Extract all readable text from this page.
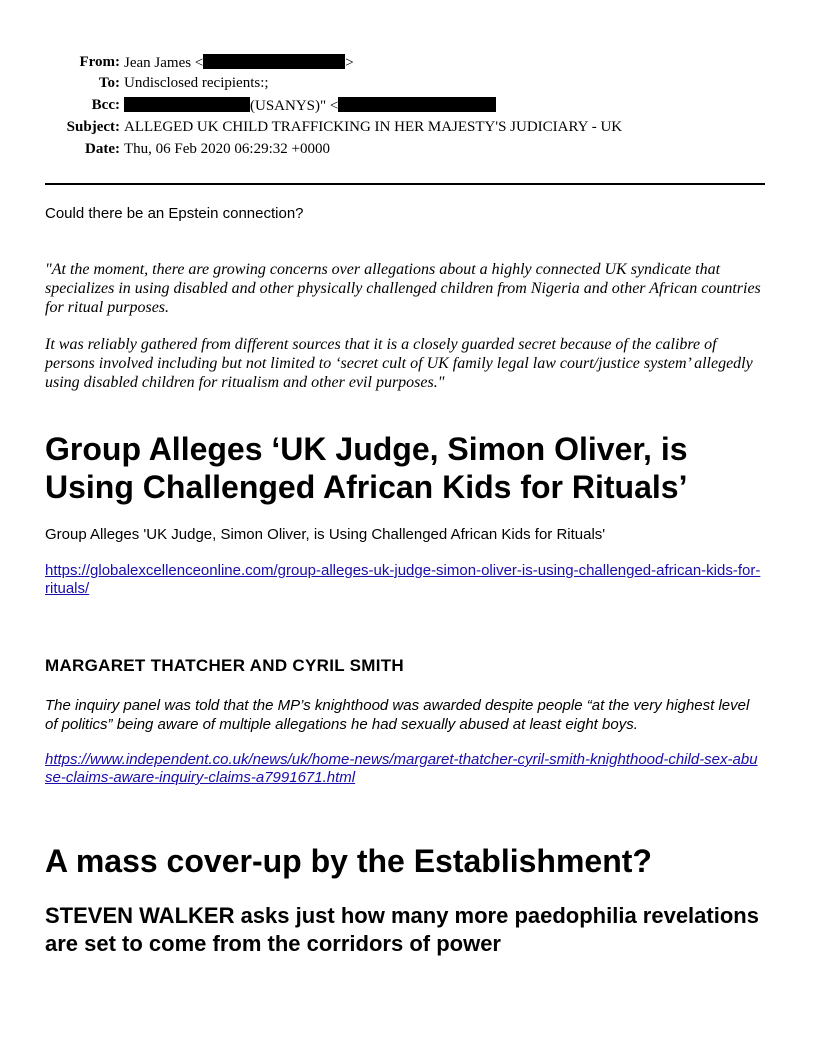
From: Jean James <	>
To: Undisclosed recipients:;
Bcc:	(USANYS)" <
Subject: ALLEGED UK CHILD TRAFFICKING IN HER MAJESTY'S JUDICIARY - UK
Date: Thu, 06 Feb 2020 06:29:32 +0000
Could there be an Epstein connection?

"At the moment, there are growing concerns over allegations about a highly connected UK syndicate that specializes in using disabled and other physically challenged children from Nigeria and other African countries for ritual purposes.

It was reliably gathered from different sources that it is a closely guarded secret because of the calibre of persons involved including but not limited to ‘secret cult of UK family legal law court/justice system’ allegedly using disabled children for ritualism and other evil purposes."

Group Alleges ‘UK Judge, Simon Oliver, is Using Challenged African Kids for Rituals’
Group Alleges 'UK Judge, Simon Oliver, is Using Challenged African Kids for Rituals'
https://globalexcellenceonline.com/group-alleges-uk-judge-simon-oliver-is-using-challenged-african-kids-for-rituals/
MARGARET THATCHER AND CYRIL SMITH

The inquiry panel was told that the MP’s knighthood was awarded despite people “at the very highest level of politics” being aware of multiple allegations he had sexually abused at least eight boys.

https://www.independent.co.uk/news/uk/home-news/margaret-thatcher-cyril-smith-knighthood-child-sex-abuse-claims-aware-inquiry-claims-a7991671.html
A mass cover-up by the Establishment?
STEVEN WALKER asks just how many more paedophilia revelations are set to come from the corridors of power
